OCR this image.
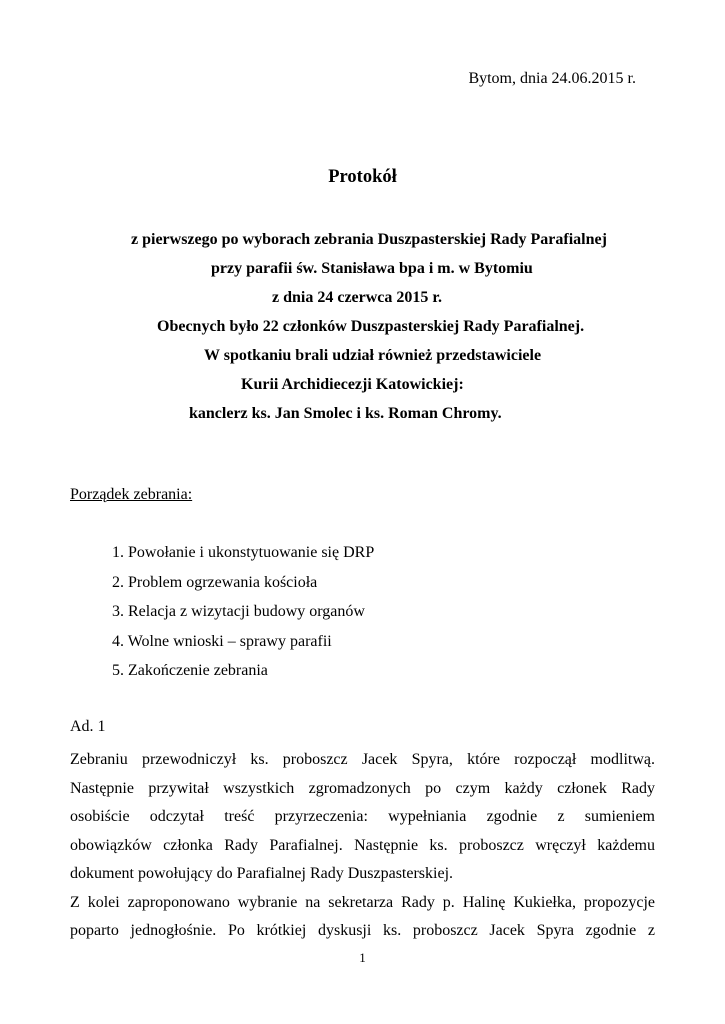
Bytom, dnia 24.06.2015 r.
Protokół
z pierwszego po wyborach zebrania Duszpasterskiej Rady Parafialnej
przy parafii św. Stanisława bpa i m. w Bytomiu
z dnia 24 czerwca 2015 r.
Obecnych było 22 członków Duszpasterskiej Rady Parafialnej.
W spotkaniu brali udział również przedstawiciele
Kurii Archidiecezji Katowickiej:
kanclerz ks. Jan Smolec i ks. Roman Chromy.
Porządek zebrania:
1. Powołanie i ukonstytuowanie się DRP
2. Problem ogrzewania kościoła
3. Relacja z wizytacji budowy organów
4. Wolne wnioski – sprawy parafii
5. Zakończenie zebrania
Ad. 1
Zebraniu przewodniczył ks. proboszcz Jacek Spyra, które rozpoczął modlitwą.
Następnie przywitał wszystkich zgromadzonych po czym każdy członek Rady
osobiście odczytał treść przyrzeczenia: wypełniania zgodnie z sumieniem
obowiązków członka Rady Parafialnej. Następnie ks. proboszcz wręczył każdemu
dokument powołujący do Parafialnej Rady Duszpasterskiej.
Z kolei zaproponowano wybranie na sekretarza Rady p. Halinę Kukiełka, propozycje
poparto jednogłośnie. Po krótkiej dyskusji ks. proboszcz Jacek Spyra zgodnie z
1
